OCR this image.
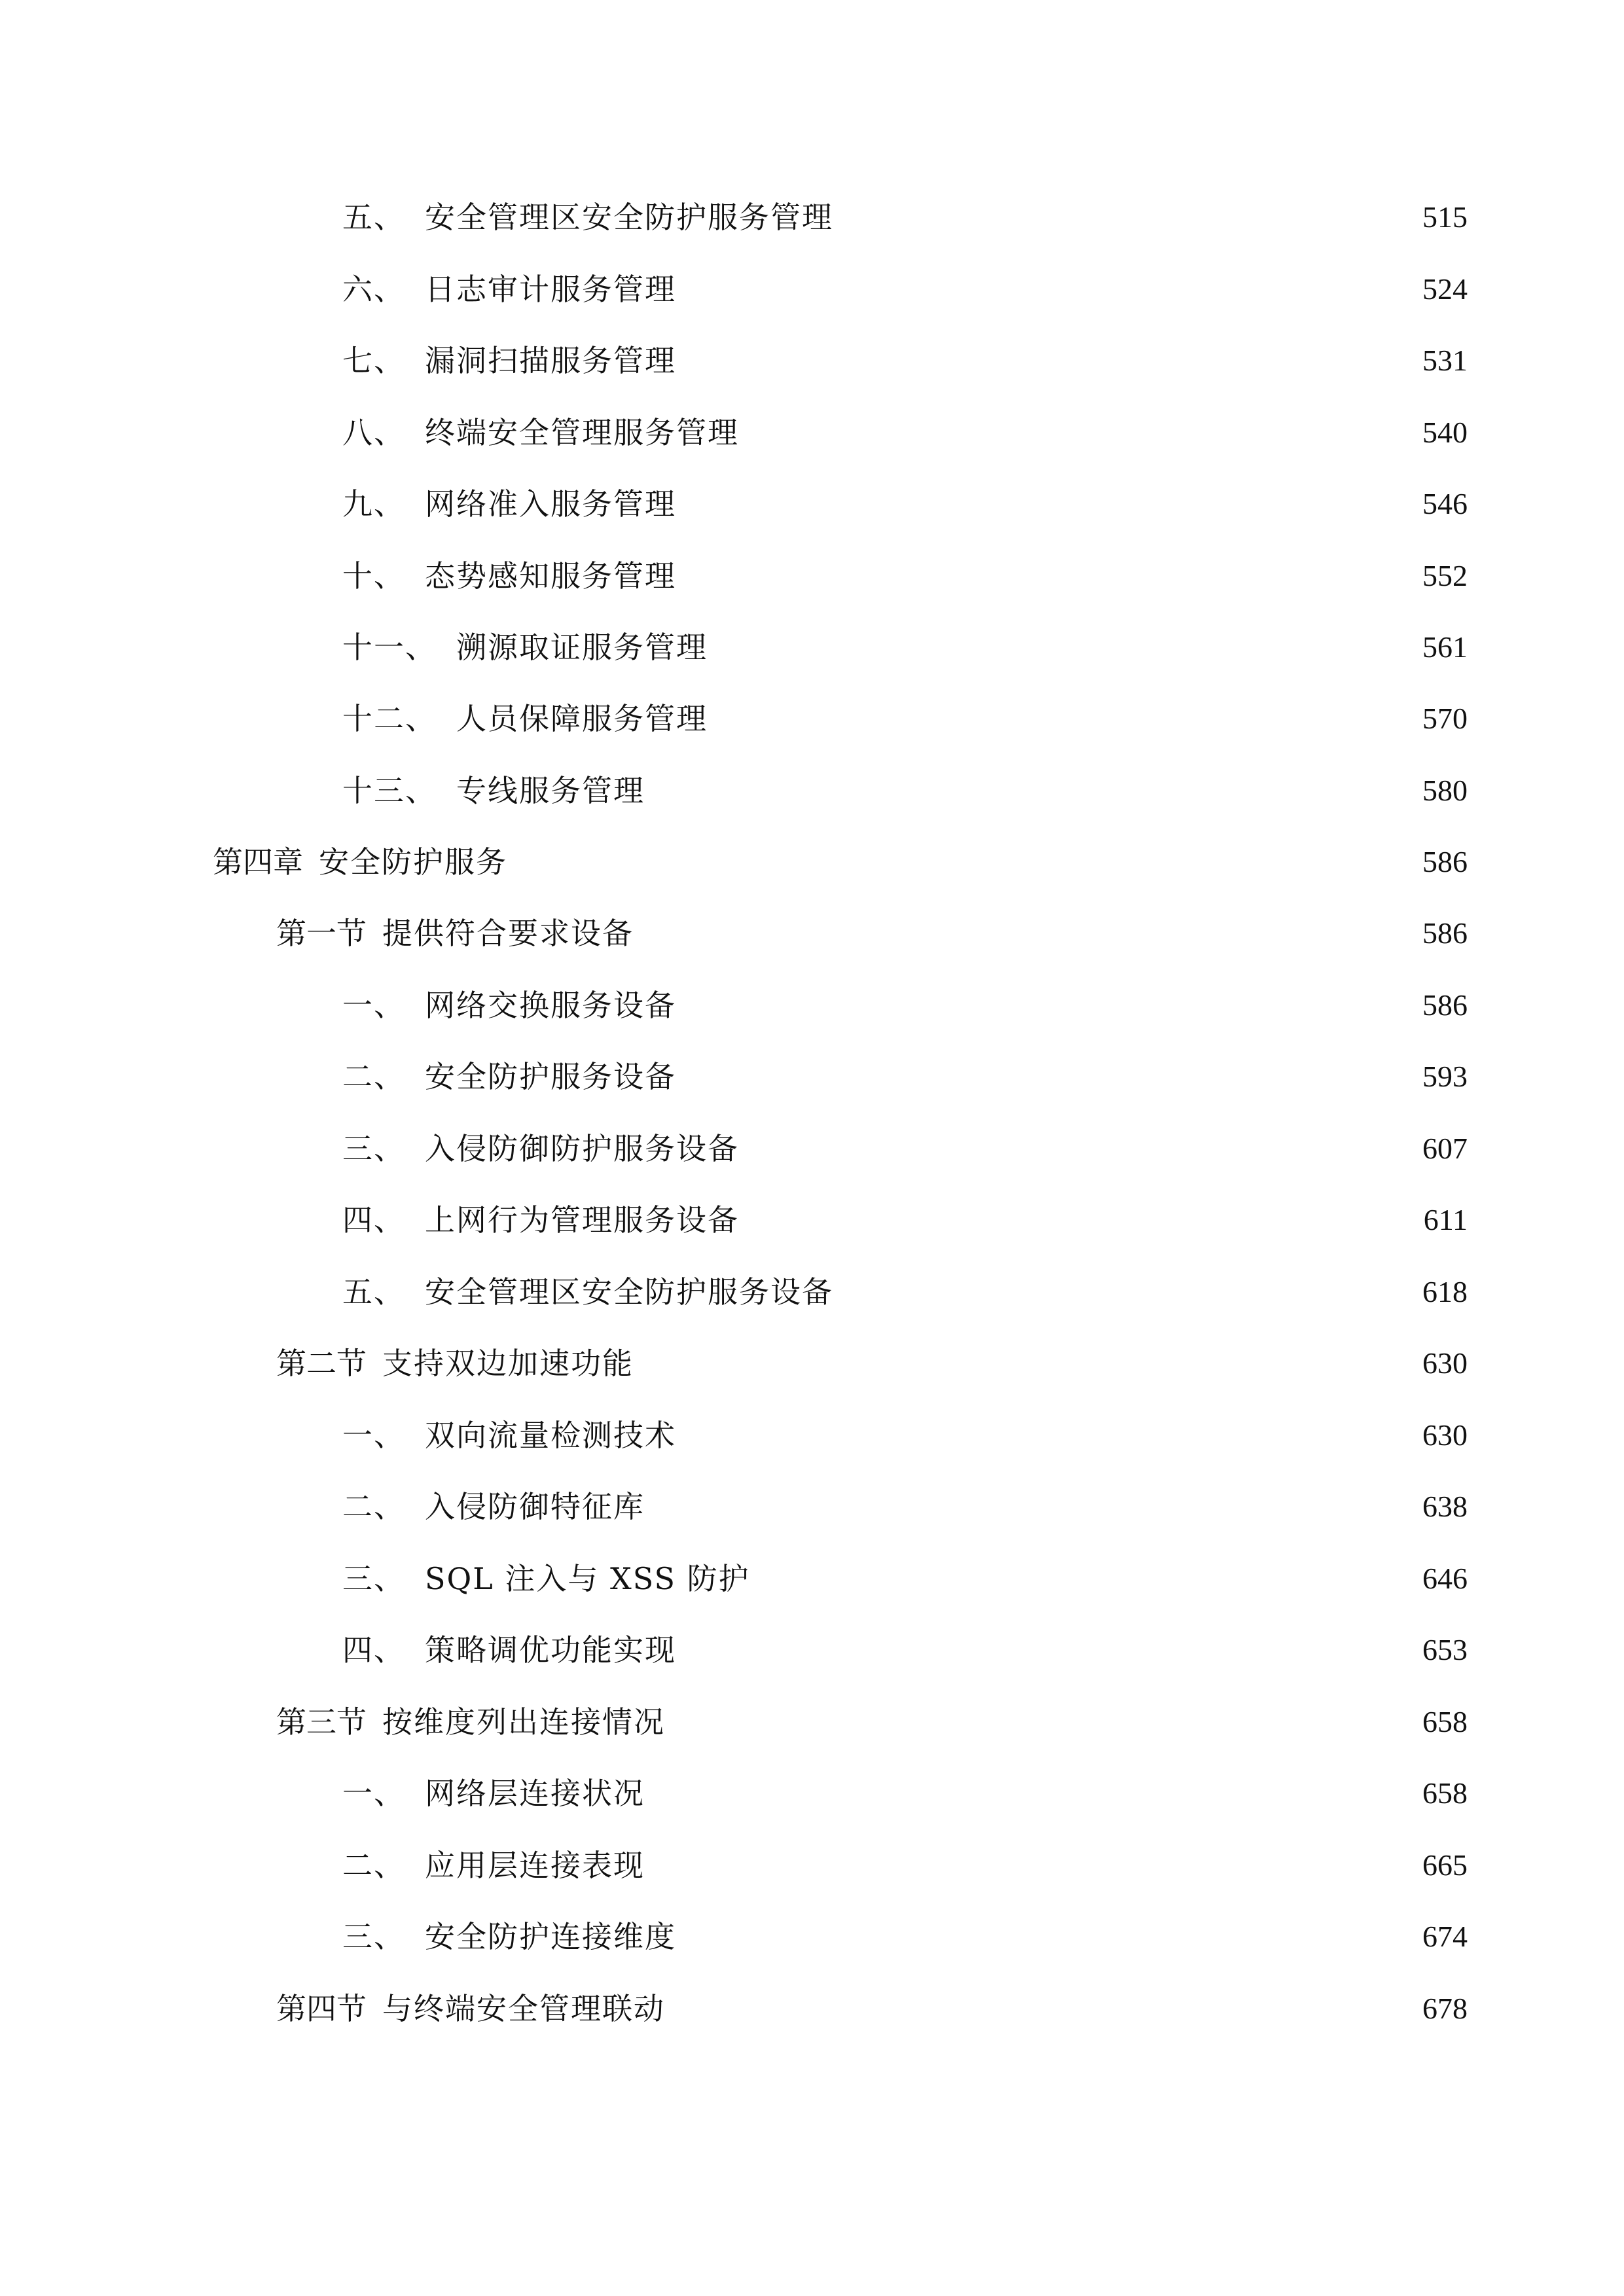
五、 安全管理区安全防护服务管理	515
六、 日志审计服务管理	524
七、 漏洞扫描服务管理	531
八、 终端安全管理服务管理	540
九、 网络准入服务管理	546
十、 态势感知服务管理	552
十一、 溯源取证服务管理	561
十二、 人员保障服务管理	570
十三、 专线服务管理	580
第四章 安全防护服务	586
第一节 提供符合要求设备	586
一、 网络交换服务设备	586
二、 安全防护服务设备	593
三、 入侵防御防护服务设备	607
四、 上网行为管理服务设备	611
五、 安全管理区安全防护服务设备	618
第二节 支持双边加速功能	630
一、 双向流量检测技术	630
二、 入侵防御特征库	638
三、 SQL 注入与 XSS 防护	646
四、 策略调优功能实现	653
第三节 按维度列出连接情况	658
一、 网络层连接状况	658
二、 应用层连接表现	665
三、 安全防护连接维度	674
第四节 与终端安全管理联动	678
